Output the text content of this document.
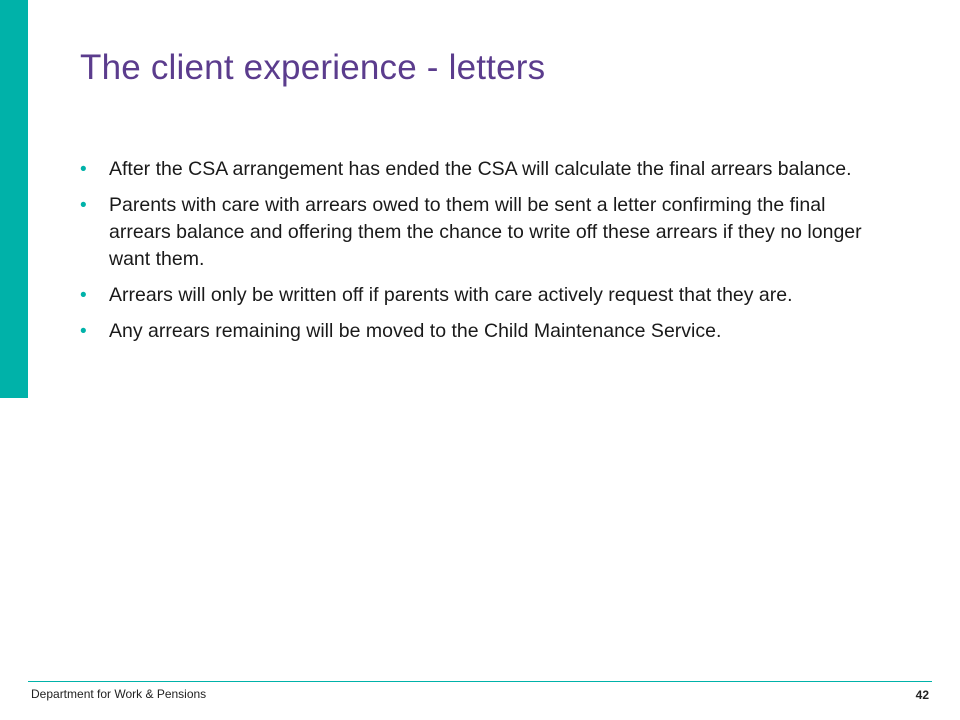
The client experience - letters
• After the CSA arrangement has ended the CSA will calculate the final arrears balance.
• Parents with care with arrears owed to them will be sent a letter confirming the final arrears balance and offering them the chance to write off these arrears if they no longer want them.
• Arrears will only be written off if parents with care actively request that they are.
• Any arrears remaining will be moved to the Child Maintenance Service.
Department for Work & Pensions	42
